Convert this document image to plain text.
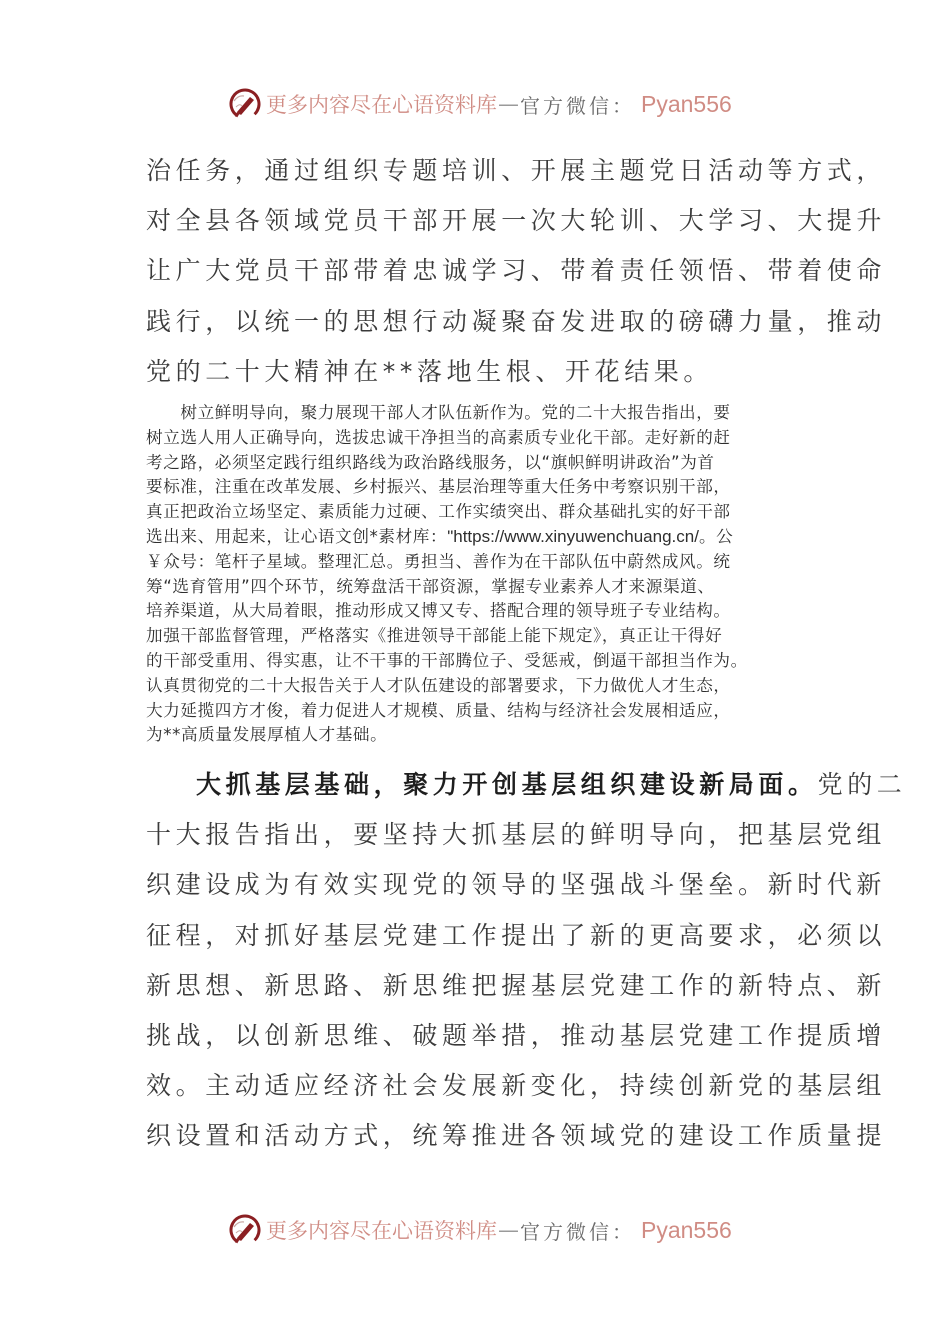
更多内容尽在心语资料库 — 官方微信： Pyan556
治任务，通过组织专题培训、开展主题党日活动等方式，
对全县各领域党员干部开展一次大轮训、大学习、大提升
让广大党员干部带着忠诚学习、带着责任领悟、带着使命
践行，以统一的思想行动凝聚奋发进取的磅礴力量，推动
党的二十大精神在**落地生根、开花结果。
　　树立鲜明导向，聚力展现干部人才队伍新作为。党的二十大报告指出，要
树立选人用人正确导向，选拔忠诚干净担当的高素质专业化干部。走好新的赶
考之路，必须坚定践行组织路线为政治路线服务，以“旗帜鲜明讲政治”为首
要标准，注重在改革发展、乡村振兴、基层治理等重大任务中考察识别干部，
真正把政治立场坚定、素质能力过硬、工作实绩突出、群众基础扎实的好干部
选出来、用起来，让心语文创*素材库："https://www.xinyuwenchuang.cn/。公
￥众号：笔杆子星域。整理汇总。勇担当、善作为在干部队伍中蔚然成风。统
筹“选育管用”四个环节，统筹盘活干部资源，掌握专业素养人才来源渠道、
培养渠道，从大局着眼，推动形成又博又专、搭配合理的领导班子专业结构。
加强干部监督管理，严格落实《推进领导干部能上能下规定》，真正让干得好
的干部受重用、得实惠，让不干事的干部腾位子、受惩戒，倒逼干部担当作为。
认真贯彻党的二十大报告关于人才队伍建设的部署要求，下力做优人才生态，
大力延揽四方才俊，着力促进人才规模、质量、结构与经济社会发展相适应，
为**高质量发展厚植人才基础。
大抓基层基础，聚力开创基层组织建设新局面。党的二
十大报告指出，要坚持大抓基层的鲜明导向，把基层党组
织建设成为有效实现党的领导的坚强战斗堡垒。新时代新
征程，对抓好基层党建工作提出了新的更高要求，必须以
新思想、新思路、新思维把握基层党建工作的新特点、新
挑战，以创新思维、破题举措，推动基层党建工作提质增
效。主动适应经济社会发展新变化，持续创新党的基层组
织设置和活动方式，统筹推进各领域党的建设工作质量提
更多内容尽在心语资料库 — 官方微信： Pyan556
